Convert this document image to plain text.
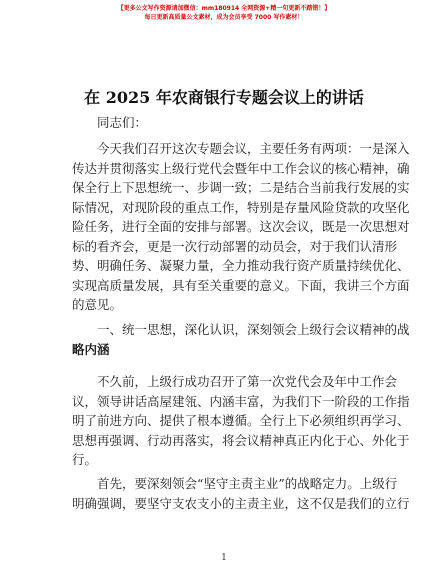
【更多公文写作资源请加微信：mm180914 全网资源+精一句更新不踏错！】
每日更新高质量公文素材，成为会员享受 7000 写作素材！
在 2025 年农商银行专题会议上的讲话
同志们：
今天我们召开这次专题会议，主要任务有两项：一是深入
传达并贯彻落实上级行党代会暨年中工作会议的核心精神，确
保全行上下思想统一、步调一致；二是结合当前我行发展的实
际情况，对现阶段的重点工作，特别是存量风险贷款的攻坚化
险任务，进行全面的安排与部署。这次会议，既是一次思想对
标的看齐会，更是一次行动部署的动员会，对于我们认清形
势、明确任务、凝聚力量，全力推动我行资产质量持续优化、
实现高质量发展，具有至关重要的意义。下面，我讲三个方面
的意见。
一、统一思想，深化认识，深刻领会上级行会议精神的战
略内涵
不久前，上级行成功召开了第一次党代会及年中工作会
议，领导讲话高屋建瓴、内涵丰富，为我们下一阶段的工作指
明了前进方向、提供了根本遵循。全行上下必须组织再学习、
思想再强调、行动再落实，将会议精神真正内化于心、外化于
行。
首先，要深刻领会“坚守主责主业”的战略定力。上级行
明确强调，要坚守支农支小的主责主业，这不仅是我们的立行
1
